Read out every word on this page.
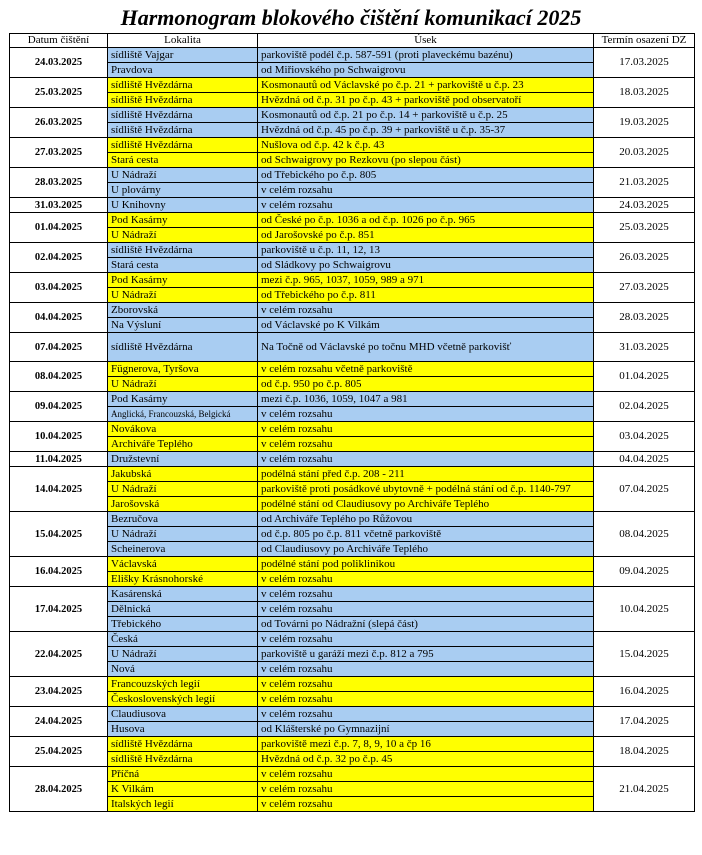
Harmonogram blokového čištění komunikací 2025
Datum čištění	Lokalita	Úsek	Termín osazení DZ
24.03.2025	sídliště Vajgar	parkoviště podél č.p. 587-591 (proti plaveckému bazénu)	17.03.2025
	Pravdova	od Miřiovského po Schwaigrovu	
25.03.2025	sídliště Hvězdárna	Kosmonautů od Václavské po č.p. 21 + parkoviště u č.p. 23	18.03.2025
	sídliště Hvězdárna	Hvězdná od č.p. 31 po č.p. 43 + parkoviště pod observatoří	
26.03.2025	sídliště Hvězdárna	Kosmonautů od č.p. 21 po č.p. 14 + parkoviště u č.p. 25	19.03.2025
	sídliště Hvězdárna	Hvězdná od č.p. 45 po č.p. 39 + parkoviště u č.p. 35-37	
27.03.2025	sídliště Hvězdárna	Nušlova od č.p. 42 k č.p. 43	20.03.2025
	Stará cesta	od Schwaigrovy po Rezkovu (po slepou část)	
28.03.2025	U Nádraží	od Třebického po č.p. 805	21.03.2025
	U plovárny	v celém rozsahu	
31.03.2025	U Knihovny	v celém rozsahu	24.03.2025
01.04.2025	Pod Kasárny	od České po č.p. 1036 a od č.p. 1026 po č.p. 965	25.03.2025
	U Nádraží	od Jarošovské po č.p. 851	
02.04.2025	sídliště Hvězdárna	parkoviště u č.p. 11, 12, 13	26.03.2025
	Stará cesta	od Sládkovy po Schwaigrovu	
03.04.2025	Pod Kasárny	mezi č.p. 965, 1037, 1059, 989 a 971	27.03.2025
	U Nádraží	od Třebického po č.p. 811	
04.04.2025	Zborovská	v celém rozsahu	28.03.2025
	Na Výsluní	od Václavské po K Vilkám	
07.04.2025	sídliště Hvězdárna	Na Točně od Václavské po točnu MHD včetně parkovišť	31.03.2025
08.04.2025	Fügnerova, Tyršova	v celém rozsahu včetně parkoviště	01.04.2025
	U Nádraží	od č.p. 950 po č.p. 805	
09.04.2025	Pod Kasárny	mezi č.p. 1036, 1059, 1047 a 981	02.04.2025
	Anglická, Francouzská, Belgická	v celém rozsahu	
10.04.2025	Novákova	v celém rozsahu	03.04.2025
	Archiváře Teplého	v celém rozsahu	
11.04.2025	Družstevní	v celém rozsahu	04.04.2025
14.04.2025	Jakubská	podélná stání před č.p. 208 - 211	07.04.2025
	U Nádraží	parkoviště proti posádkové ubytovně + podélná stání od č.p. 1140-797	
	Jarošovská	podélné stání od Claudiusovy po Archiváře Teplého	
15.04.2025	Bezručova	od Archiváře Teplého po Růžovou	08.04.2025
	U Nádraží	od č.p. 805 po č.p. 811 včetně parkoviště	
	Scheinerova	od Claudiusovy po Archiváře Teplého	
16.04.2025	Václavská	podélné stání pod poliklinikou	09.04.2025
	Elišky Krásnohorské	v celém rozsahu	
17.04.2025	Kasárenská	v celém rozsahu	10.04.2025
	Dělnická	v celém rozsahu	
	Třebického	od Továrni po Nádražní (slepá část)	
22.04.2025	Česká	v celém rozsahu	15.04.2025
	U Nádraží	parkoviště u garáží mezi č.p. 812 a 795	
	Nová	v celém rozsahu	
23.04.2025	Francouzských legií	v celém rozsahu	16.04.2025
	Československých legií	v celém rozsahu	
24.04.2025	Claudiusova	v celém rozsahu	17.04.2025
	Husova	od Klášterské po Gymnazijní	
25.04.2025	sídliště Hvězdárna	parkoviště mezi č.p. 7, 8, 9, 10 a čp 16	18.04.2025
	sídliště Hvězdárna	Hvězdná od č.p. 32 po č.p. 45	
28.04.2025	Příčná	v celém rozsahu	21.04.2025
	K Vilkám	v celém rozsahu	
	Italských legií	v celém rozsahu	
